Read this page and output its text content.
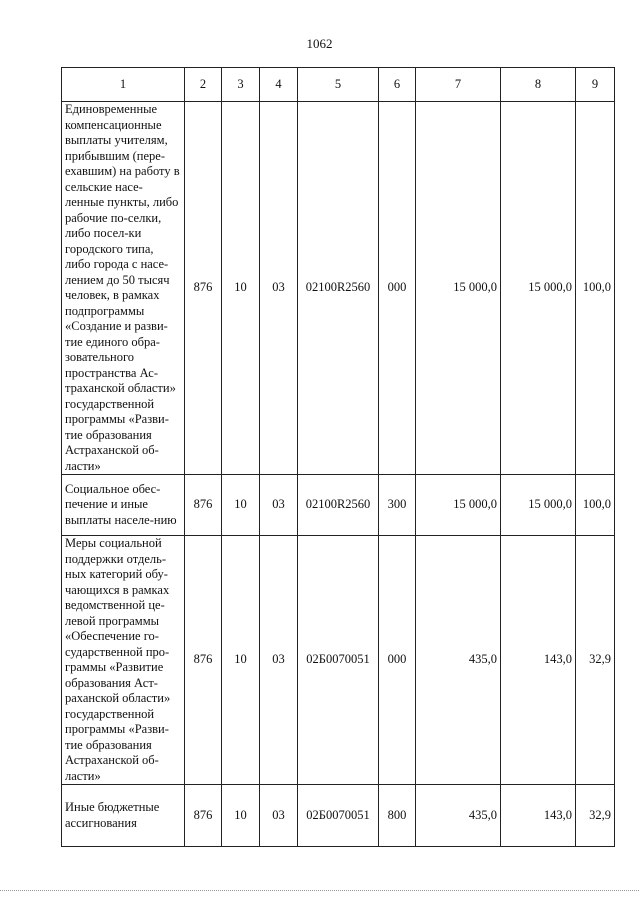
1062
1	2	3	4	5	6	7	8	9
Единовременные компенсационные выплаты учителям, прибывшим (пере-ехавшим) на работу в сельские насе-ленные пункты, либо рабочие по-селки, либо посел-ки городского типа, либо города с насе-лением до 50 тысяч человек, в рамках подпрограммы «Создание и разви-тие единого обра-зовательного пространства Ас-траханской области» государственной программы «Разви-тие образования Астраханской об-ласти»	876	10	03	02100R2560	000	15 000,0	15 000,0	100,0
Социальное обес-печение и иные выплаты населе-нию	876	10	03	02100R2560	300	15 000,0	15 000,0	100,0
Меры социальной поддержки отдель-ных категорий обу-чающихся в рамках ведомственной це-левой программы «Обеспечение го-сударственной про-граммы «Развитие образования Аст-раханской области» государственной программы «Разви-тие образования Астраханской об-ласти»	876	10	03	02Б0070051	000	435,0	143,0	32,9
Иные бюджетные ассигнования	876	10	03	02Б0070051	800	435,0	143,0	32,9
